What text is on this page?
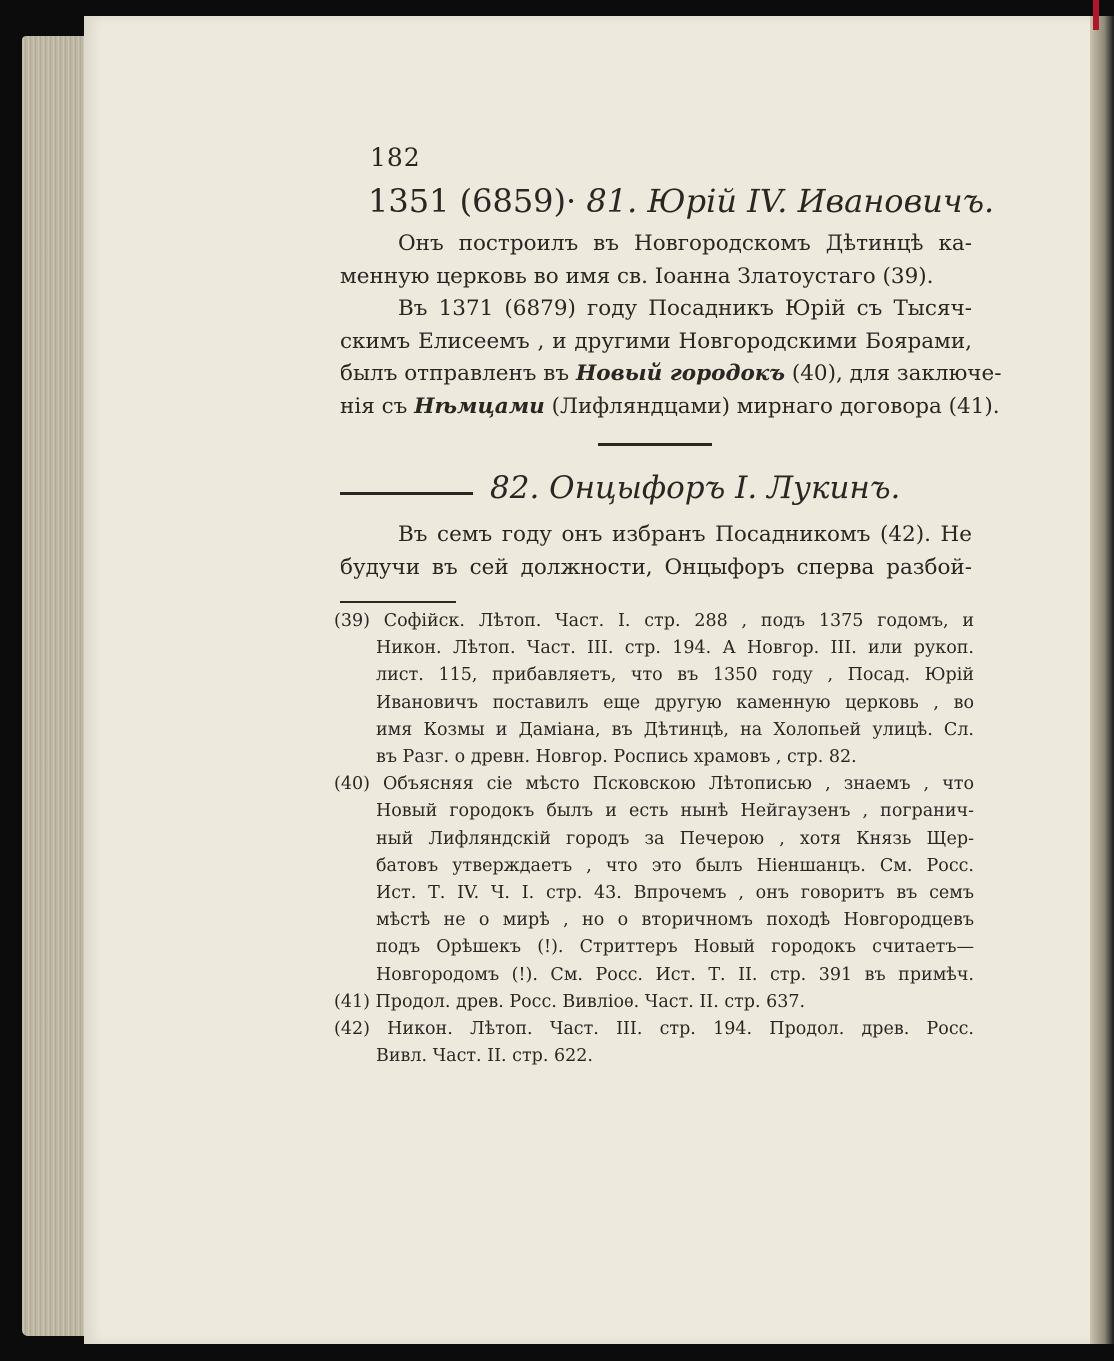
182
1351 (6859)· 81. Юрій IV. Ивановичъ.
Онъ построилъ въ Новгородскомъ Дѣтинцѣ ка-
менную церковь во имя св. Іоанна Златоустаго (39).
Въ 1371 (6879) году Посадникъ Юрій съ Тысяч-
скимъ Елисеемъ , и другими Новгородскими Боярами,
былъ отправленъ въ Новый городокъ (40), для заключе-
нія съ Нѣмцами (Лифляндцами) мирнаго договора (41).
82. Онцыфоръ I. Лукинъ.
Въ семъ году онъ избранъ Посадникомъ (42). Не
будучи въ сей должности, Онцыфоръ сперва разбой-
(39) Софійск. Лѣтоп. Част. I. стр. 288 , подъ 1375 годомъ, и
Никон. Лѣтоп. Част. III. стр. 194. А Новгор. III. или рукоп.
лист. 115, прибавляетъ, что въ 1350 году , Посад. Юрій
Ивановичъ поставилъ еще другую каменную церковь , во
имя Козмы и Даміана, въ Дѣтинцѣ, на Холопьей улицѣ. Сл.
въ Разг. о древн. Новгор. Роспись храмовъ , стр. 82.
(40) Объясняя сіе мѣсто Псковскою Лѣтописью , знаемъ , что
Новый городокъ былъ и есть нынѣ Нейгаузенъ , погранич-
ный Лифляндскій городъ за Печерою , хотя Князь Щер-
батовъ утверждаетъ , что это былъ Ніеншанцъ. См. Росс.
Ист. Т. IV. Ч. I. стр. 43. Впрочемъ , онъ говоритъ въ семъ
мѣстѣ не о мирѣ , но о вторичномъ походѣ Новгородцевъ
подъ Орѣшекъ (!). Стриттеръ Новый городокъ считаетъ—
Новгородомъ (!). См. Росс. Ист. Т. II. стр. 391 въ примѣч.
(41) Продол. древ. Росс. Вивліоѳ. Част. II. стр. 637.
(42) Никон. Лѣтоп. Част. III. стр. 194. Продол. древ. Росс.
Вивл. Част. II. стр. 622.
